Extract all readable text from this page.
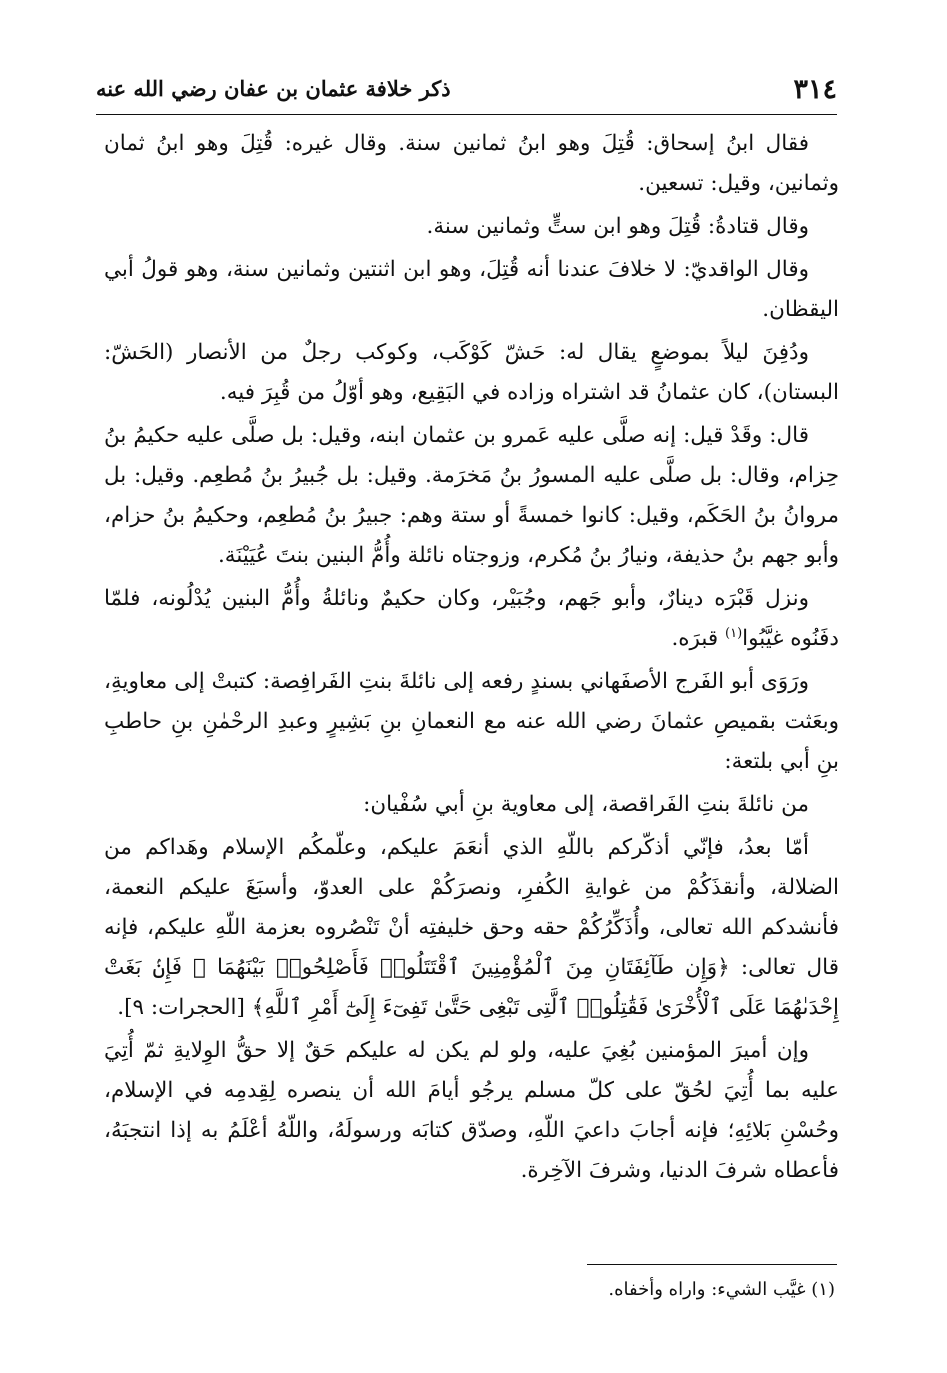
٣١٤
ذكر خلافة عثمان بن عفان رضي الله عنه

فقال ابنُ إسحاق: قُتِلَ وهو ابنُ ثمانين سنة. وقال غيره: قُتِلَ وهو ابنُ ثمان وثمانين، وقيل: تسعين.

وقال قتادةُ: قُتِلَ وهو ابن ستٍّ وثمانين سنة.

وقال الواقديّ: لا خلافَ عندنا أنه قُتِلَ، وهو ابن اثنتين وثمانين سنة، وهو قولُ أبي اليقظان.

ودُفِنَ ليلاً بموضعٍ يقال له: حَشّ كَوْكَب، وكوكب رجلٌ من الأنصار (الحَشّ: البستان)، كان عثمانُ قد اشتراه وزاده في البَقِيع، وهو أوّلُ من قُبِرَ فيه.

قال: وقَدْ قيل: إنه صلَّى عليه عَمرو بن عثمان ابنه، وقيل: بل صلَّى عليه حكيمُ بنُ حِزام، وقال: بل صلَّى عليه المسورُ بنُ مَخرَمة. وقيل: بل جُبيرُ بنُ مُطعِم. وقيل: بل مروانُ بنُ الحَكَم، وقيل: كانوا خمسةً أو ستة وهم: جبيرُ بنُ مُطعِم، وحكيمُ بنُ حزام، وأبو جهم بنُ حذيفة، ونيارُ بنُ مُكرم، وزوجتاه نائلة وأُمُّ البنين بنتَ عُيَيْنَة.

ونزل قَبْرَه دينارٌ، وأبو جَهم، وجُبَيْر، وكان حكيمٌ ونائلةُ وأُمُّ البنين يُدْلُونه، فلمّا دفَنُوه غيَّبُوا$^{(١)}$ قبرَه.

ورَوَى أبو الفَرج الأصفَهاني بسندٍ رفعه إلى نائلةَ بنتِ الفَرافِصة: كتبتْ إلى معاويةِ، وبعَثت بقميصِ عثمانَ رضي الله عنه مع النعمانِ بنِ بَشِيرٍ وعبدِ الرحْمٰنِ بنِ حاطبِ بنِ أبي بلتعة:

من نائلةَ بنتِ الفَراقصة، إلى معاوية بنِ أبي سُفْيان:

أمّا بعدُ، فإنّي أذكّركم باللّهِ الذي أنعَمَ عليكم، وعلّمكُم الإسلام وهَداكم من الضلالة، وأنقذَكُمْ من غوايةِ الكُفرِ، ونصرَكُمْ على العدوّ، وأسبَغَ عليكم النعمة، فأنشدكم الله تعالى، وأُذَكِّرُكُمْ حقه وحق خليفتِه أنْ تَنْصُروه بعزمة اللّهِ عليكم، فإنه قال تعالى: ﴿وَإِن طَآئِفَتَانِ مِنَ ٱلْمُؤْمِنِينَ ٱقْتَتَلُوا۟ فَأَصْلِحُوا۟ بَيْنَهُمَا ۖ فَإِنۢ بَغَتْ إِحْدَىٰهُمَا عَلَى ٱلْأُخْرَىٰ فَقَٰتِلُوا۟ ٱلَّتِى تَبْغِى حَتَّىٰ تَفِىٓءَ إِلَىٰٓ أَمْرِ ٱللَّهِ﴾ [الحجرات: ٩].

وإن أميرَ المؤمنين بُغِيَ عليه، ولو لم يكن له عليكم حَقٌ إلا حقُّ الوِلايةِ ثمّ أُتِيَ عليه بما أُتِيَ لحُقّ على كلّ مسلم يرجُو أيامَ الله أن ينصره لِقِدمِه في الإسلام، وحُسْنِ بَلائِهِ؛ فإنه أجابَ داعيَ اللّهِ، وصدّق كتابَه ورسولَهُ، واللّهُ أعْلَمُ به إذا انتجبَهُ، فأعطاه شرفَ الدنيا، وشرفَ الآخِرة.

(١) غيَّب الشيء: واراه وأخفاه.
